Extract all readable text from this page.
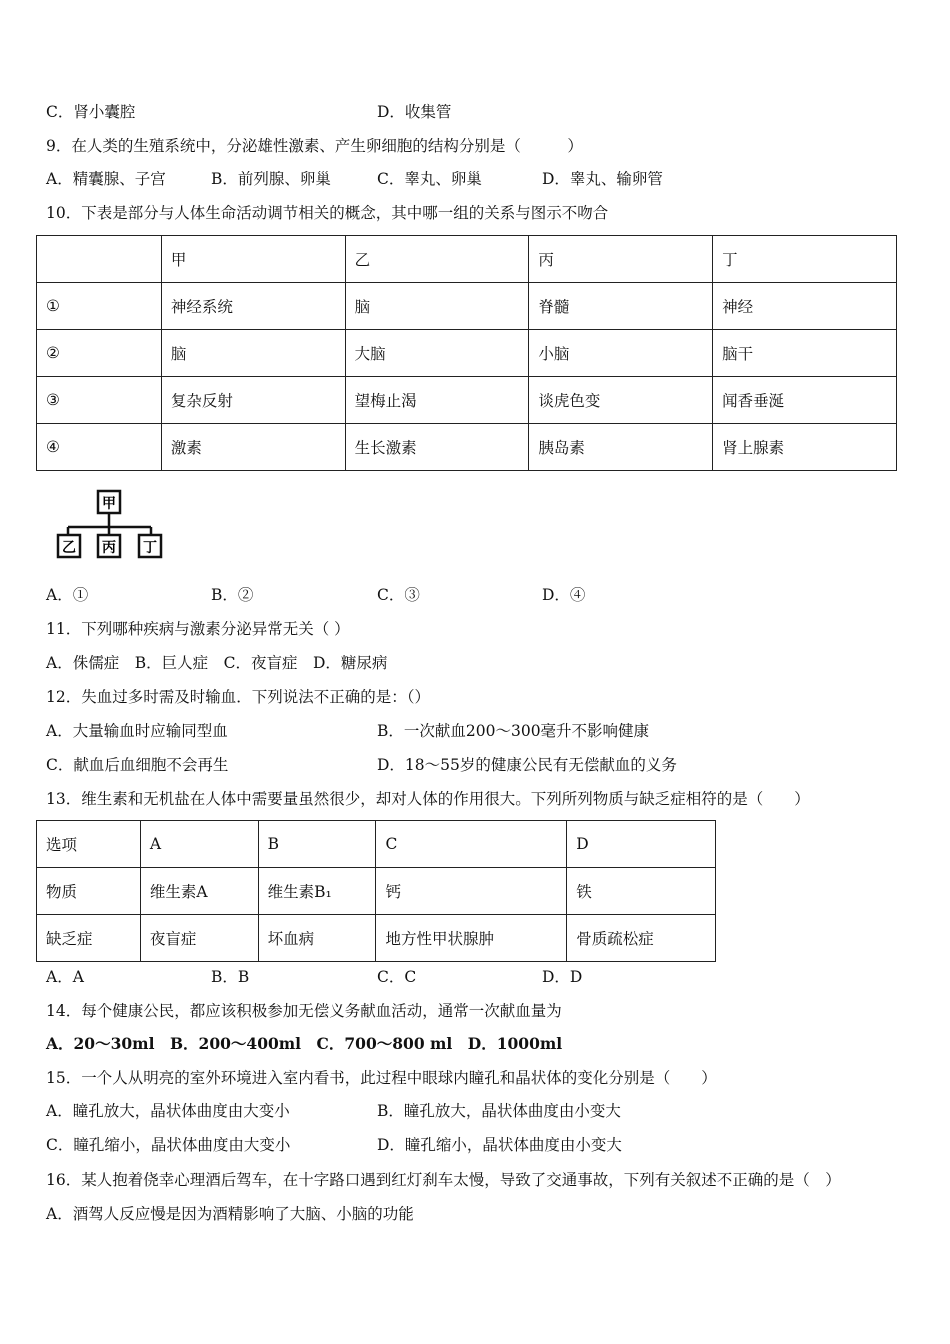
C．肾小囊腔	D．收集管
9．在人类的生殖系统中，分泌雄性激素、产生卵细胞的结构分别是（　　　）
A．精囊腺、子宫	B．前列腺、卵巢	C．睾丸、卵巢	D．睾丸、输卵管
10．下表是部分与人体生命活动调节相关的概念，其中哪一组的关系与图示不吻合
	甲	乙	丙	丁
①	神经系统	脑	脊髓	神经
②	脑	大脑	小脑	脑干
③	复杂反射	望梅止渴	谈虎色变	闻香垂涎
④	激素	生长激素	胰岛素	肾上腺素
甲
乙 丙 丁
A．①	B．②	C．③	D．④
11．下列哪种疾病与激素分泌异常无关（ ）
A．侏儒症　B．巨人症　C．夜盲症　D．糖尿病
12．失血过多时需及时输血．下列说法不正确的是：（）
A．大量输血时应输同型血	B．一次献血200～300毫升不影响健康
C．献血后血细胞不会再生	D．18～55岁的健康公民有无偿献血的义务
13．维生素和无机盐在人体中需要量虽然很少，却对人体的作用很大。下列所列物质与缺乏症相符的是（　　）
选项	A	B	C	D
物质	维生素A	维生素B₁	钙	铁
缺乏症	夜盲症	坏血病	地方性甲状腺肿	骨质疏松症
A．A	B．B	C．C	D．D
14．每个健康公民，都应该积极参加无偿义务献血活动，通常一次献血量为
A．20～30ml　B．200～400ml　C．700～800 ml　D．1000ml
15．一个人从明亮的室外环境进入室内看书，此过程中眼球内瞳孔和晶状体的变化分别是（　　）
A．瞳孔放大，晶状体曲度由大变小	B．瞳孔放大，晶状体曲度由小变大
C．瞳孔缩小，晶状体曲度由大变小	D．瞳孔缩小，晶状体曲度由小变大
16．某人抱着侥幸心理酒后驾车，在十字路口遇到红灯刹车太慢，导致了交通事故，下列有关叙述不正确的是（　）
A．酒驾人反应慢是因为酒精影响了大脑、小脑的功能
